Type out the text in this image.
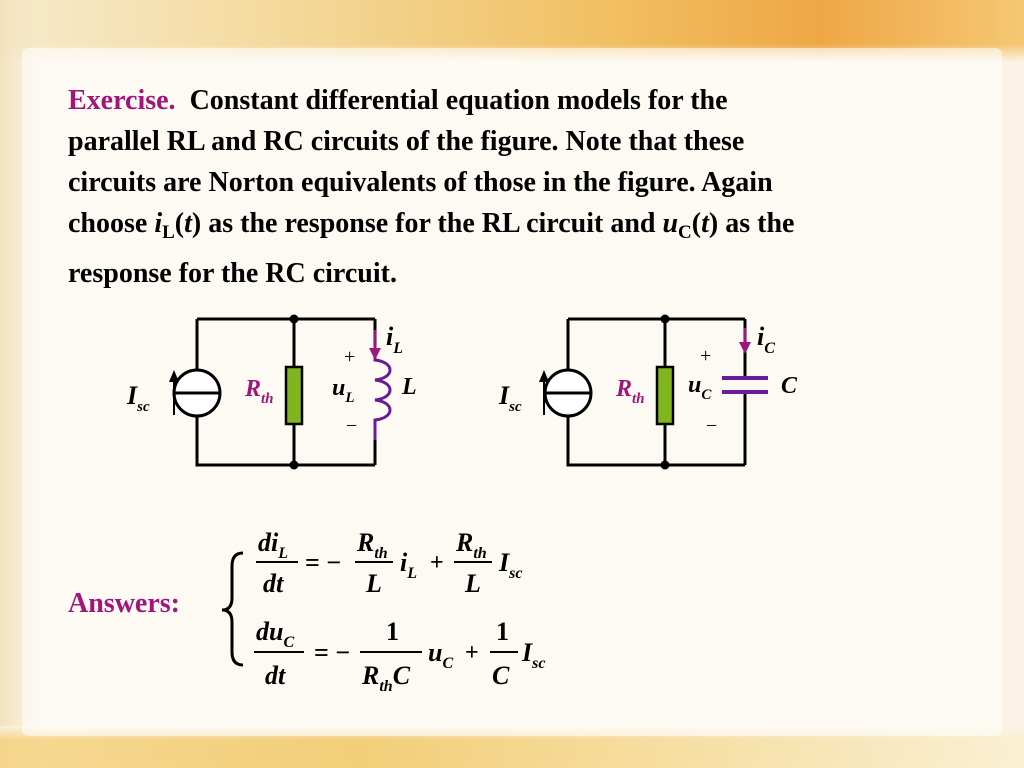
Exercise. Constant differential equation models for the
parallel RL and RC circuits of the figure. Note that these
circuits are Norton equivalents of those in the figure. Again
choose $i_L(t)$ as the response for the RL circuit and $u_C(t)$ as the
response for the RC circuit.
$I_{sc}$
$R_{th}$
$i_L$
+
$u_L$
−
L	$I_{sc}$
$R_{th}$
$i_C$
+
$u_C$
−
C
$di_L$
dt
= −
$R_{th}$
L
$i_L$ +
$R_{th}$
L
$I_{sc}$
$du_C$
dt
= −
1
$R_{th}C$
$u_C$ +
1
C
$I_{sc}$
Answers:
